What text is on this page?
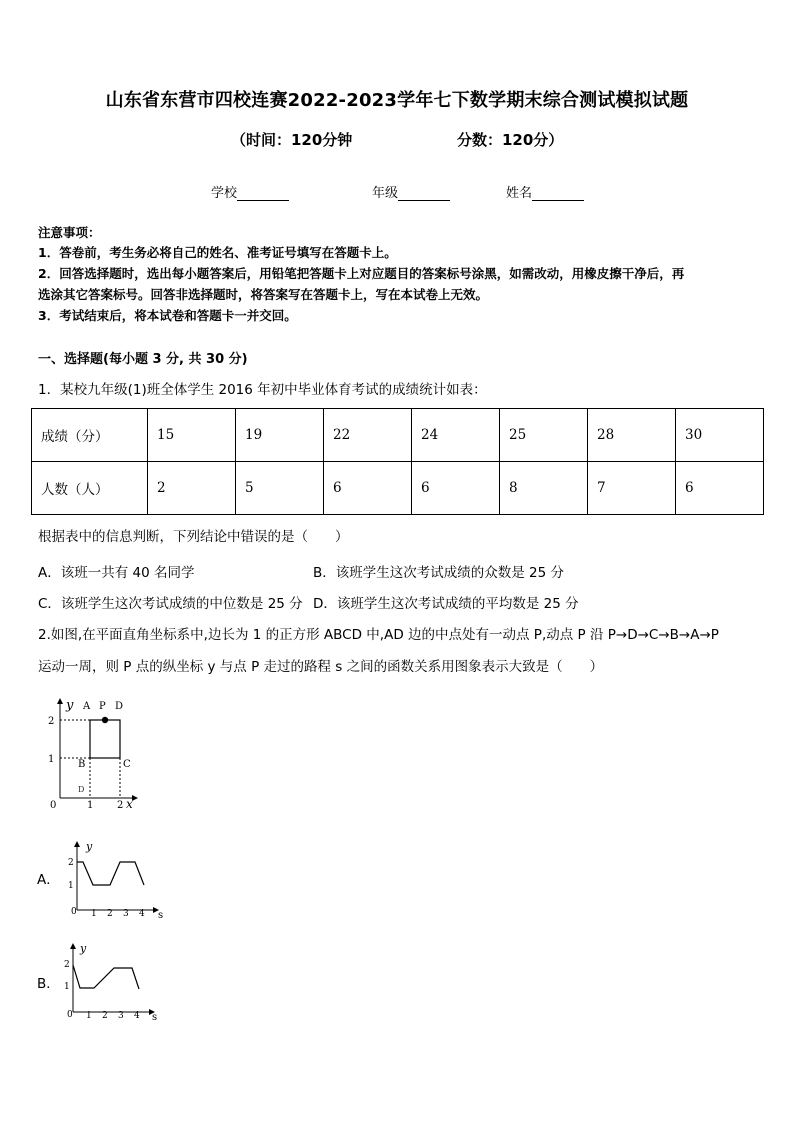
山东省东营市四校连赛2022-2023学年七下数学期末综合测试模拟试题
（时间：120分钟	分数：120分）
学校	年级	姓名
注意事项：
1．答卷前，考生务必将自己的姓名、准考证号填写在答题卡上。
2．回答选择题时，选出每小题答案后，用铅笔把答题卡上对应题目的答案标号涂黑，如需改动，用橡皮擦干净后，再
选涂其它答案标号。回答非选择题时，将答案写在答题卡上，写在本试卷上无效。
3．考试结束后，将本试卷和答题卡一并交回。
一、选择题(每小题 3 分, 共 30 分)
1．某校九年级(1)班全体学生 2016 年初中毕业体育考试的成绩统计如表：
成绩（分）	15	19	22	24	25	28	30
人数（人）	2	5	6	6	8	7	6
根据表中的信息判断，下列结论中错误的是（　　）
A．该班一共有 40 名同学	B．该班学生这次考试成绩的众数是 25 分
C．该班学生这次考试成绩的中位数是 25 分 D．该班学生这次考试成绩的平均数是 25 分
2.如图,在平面直角坐标系中,边长为 1 的正方形 ABCD 中,AD 边的中点处有一动点 P,动点 P 沿 P→D→C→B→A→P
运动一周，则 P 点的纵坐标 y 与点 P 走过的路程 s 之间的函数关系用图象表示大致是（　　）
y
x
A P D
B	C
D
2
1
0	1 2
A．
y
s
2
1
0 1 2 3 4
B．
y
s
2
1
0 1 2 3 4
